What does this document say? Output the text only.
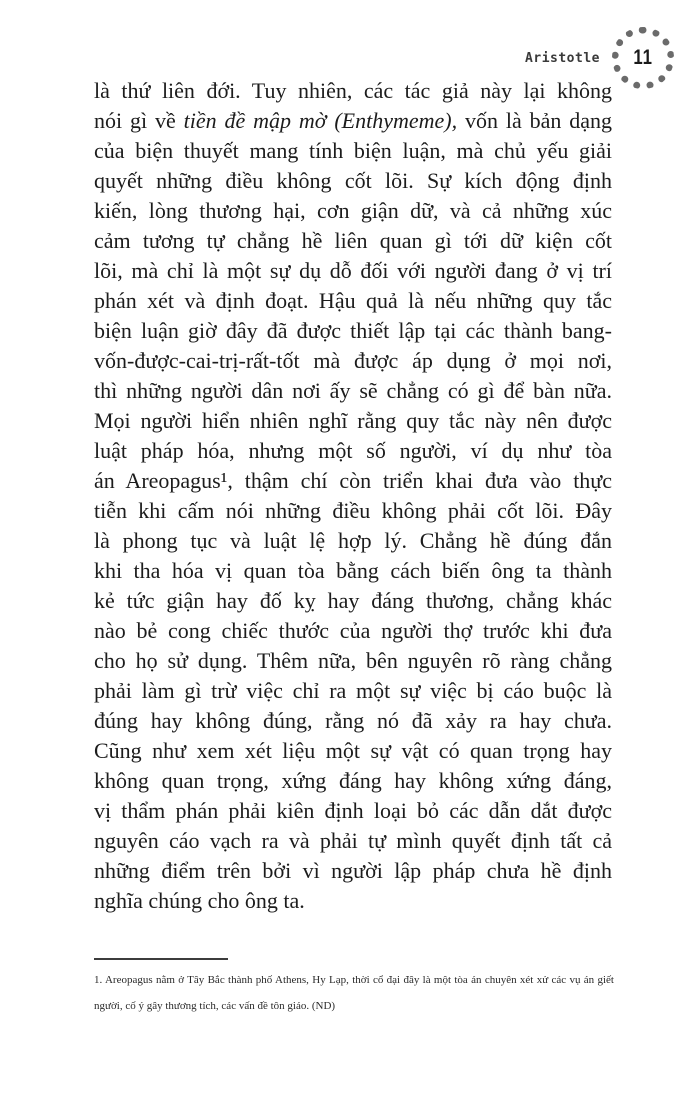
Aristotle 11
là thứ liên đới. Tuy nhiên, các tác giả này lại không
nói gì về tiền đề mập mờ (Enthymeme), vốn là bản dạng
của biện thuyết mang tính biện luận, mà chủ yếu giải
quyết những điều không cốt lõi. Sự kích động định
kiến, lòng thương hại, cơn giận dữ, và cả những xúc
cảm tương tự chẳng hề liên quan gì tới dữ kiện cốt
lõi, mà chỉ là một sự dụ dỗ đối với người đang ở vị trí
phán xét và định đoạt. Hậu quả là nếu những quy tắc
biện luận giờ đây đã được thiết lập tại các thành bang-
vốn-được-cai-trị-rất-tốt mà được áp dụng ở mọi nơi,
thì những người dân nơi ấy sẽ chẳng có gì để bàn nữa.
Mọi người hiển nhiên nghĩ rằng quy tắc này nên được
luật pháp hóa, nhưng một số người, ví dụ như tòa
án Areopagus¹, thậm chí còn triển khai đưa vào thực
tiễn khi cấm nói những điều không phải cốt lõi. Đây
là phong tục và luật lệ hợp lý. Chẳng hề đúng đắn
khi tha hóa vị quan tòa bằng cách biến ông ta thành
kẻ tức giận hay đố kỵ hay đáng thương, chẳng khác
nào bẻ cong chiếc thước của người thợ trước khi đưa
cho họ sử dụng. Thêm nữa, bên nguyên rõ ràng chẳng
phải làm gì trừ việc chỉ ra một sự việc bị cáo buộc là
đúng hay không đúng, rằng nó đã xảy ra hay chưa.
Cũng như xem xét liệu một sự vật có quan trọng hay
không quan trọng, xứng đáng hay không xứng đáng,
vị thẩm phán phải kiên định loại bỏ các dẫn dắt được
nguyên cáo vạch ra và phải tự mình quyết định tất cả
những điểm trên bởi vì người lập pháp chưa hề định
nghĩa chúng cho ông ta.

1. Areopagus nằm ở Tây Bắc thành phố Athens, Hy Lạp, thời cổ đại đây là một tòa án chuyên xét xử các vụ án giết người, cố ý gây thương tích, các vấn đề tôn giáo. (ND)
